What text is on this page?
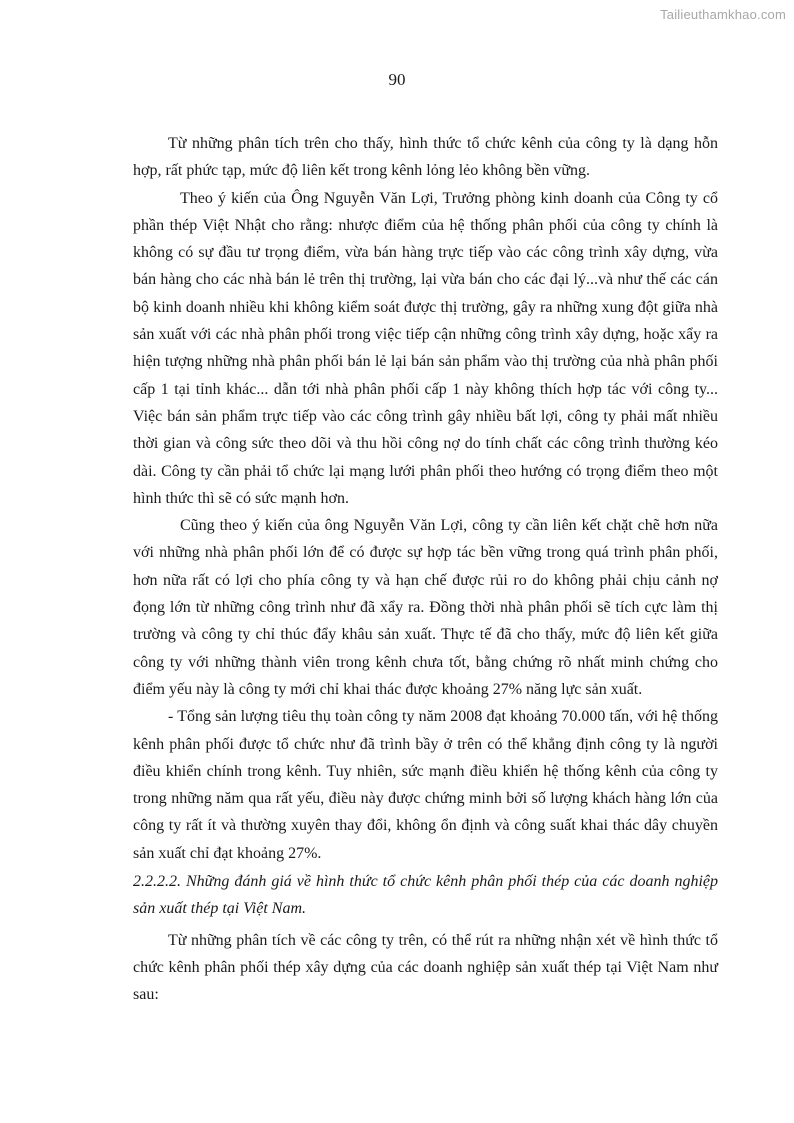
Tailieuthamkhao.com
90

Từ những phân tích trên cho thấy, hình thức tổ chức kênh của công ty là dạng hỗn hợp, rất phức tạp, mức độ liên kết trong kênh lỏng lẻo không bền vững.

Theo ý kiến của Ông Nguyễn Văn Lợi, Trưởng phòng kinh doanh của Công ty cổ phần thép Việt Nhật cho rằng: nhược điểm của hệ thống phân phối của công ty chính là không có sự đầu tư trọng điểm, vừa bán hàng trực tiếp vào các công trình xây dựng, vừa bán hàng cho các nhà bán lẻ trên thị trường, lại vừa bán cho các đại lý...và như thế các cán bộ kinh doanh nhiều khi không kiểm soát được thị trường, gây ra những xung đột giữa nhà sản xuất với các nhà phân phối trong việc tiếp cận những công trình xây dựng, hoặc xẩy ra hiện tượng những nhà phân phối bán lẻ lại bán sản phẩm vào thị trường của nhà phân phối cấp 1 tại tỉnh khác... dẫn tới nhà phân phối cấp 1 này không thích hợp tác với công ty... Việc bán sản phẩm trực tiếp vào các công trình gây nhiều bất lợi, công ty phải mất nhiều thời gian và công sức theo dõi và thu hồi công nợ do tính chất các công trình thường kéo dài. Công ty cần phải tổ chức lại mạng lưới phân phối theo hướng có trọng điểm theo một hình thức thì sẽ có sức mạnh hơn.

Cũng theo ý kiến của ông Nguyễn Văn Lợi, công ty cần liên kết chặt chẽ hơn nữa với những nhà phân phối lớn để có được sự hợp tác bền vững trong quá trình phân phối, hơn nữa rất có lợi cho phía công ty và hạn chế được rủi ro do không phải chịu cảnh nợ đọng lớn từ những công trình như đã xẩy ra. Đồng thời nhà phân phối sẽ tích cực làm thị trường và công ty chỉ thúc đẩy khâu sản xuất. Thực tế đã cho thấy, mức độ liên kết giữa công ty với những thành viên trong kênh chưa tốt, bằng chứng rõ nhất minh chứng cho điểm yếu này là công ty mới chỉ khai thác được khoảng 27% năng lực sản xuất.

- Tổng sản lượng tiêu thụ toàn công ty năm 2008 đạt khoảng 70.000 tấn, với hệ thống kênh phân phối được tổ chức như đã trình bầy ở trên có thể khẳng định công ty là người điều khiển chính trong kênh. Tuy nhiên, sức mạnh điều khiển hệ thống kênh của công ty trong những năm qua rất yếu, điều này được chứng minh bởi số lượng khách hàng lớn của công ty rất ít và thường xuyên thay đổi, không ổn định và công suất khai thác dây chuyền sản xuất chỉ đạt khoảng 27%.

2.2.2.2. Những đánh giá về hình thức tổ chức kênh phân phối thép của các doanh nghiệp sản xuất thép tại Việt Nam.

Từ những phân tích về các công ty trên, có thể rút ra những nhận xét về hình thức tổ chức kênh phân phối thép xây dựng của các doanh nghiệp sản xuất thép tại Việt Nam như sau:
